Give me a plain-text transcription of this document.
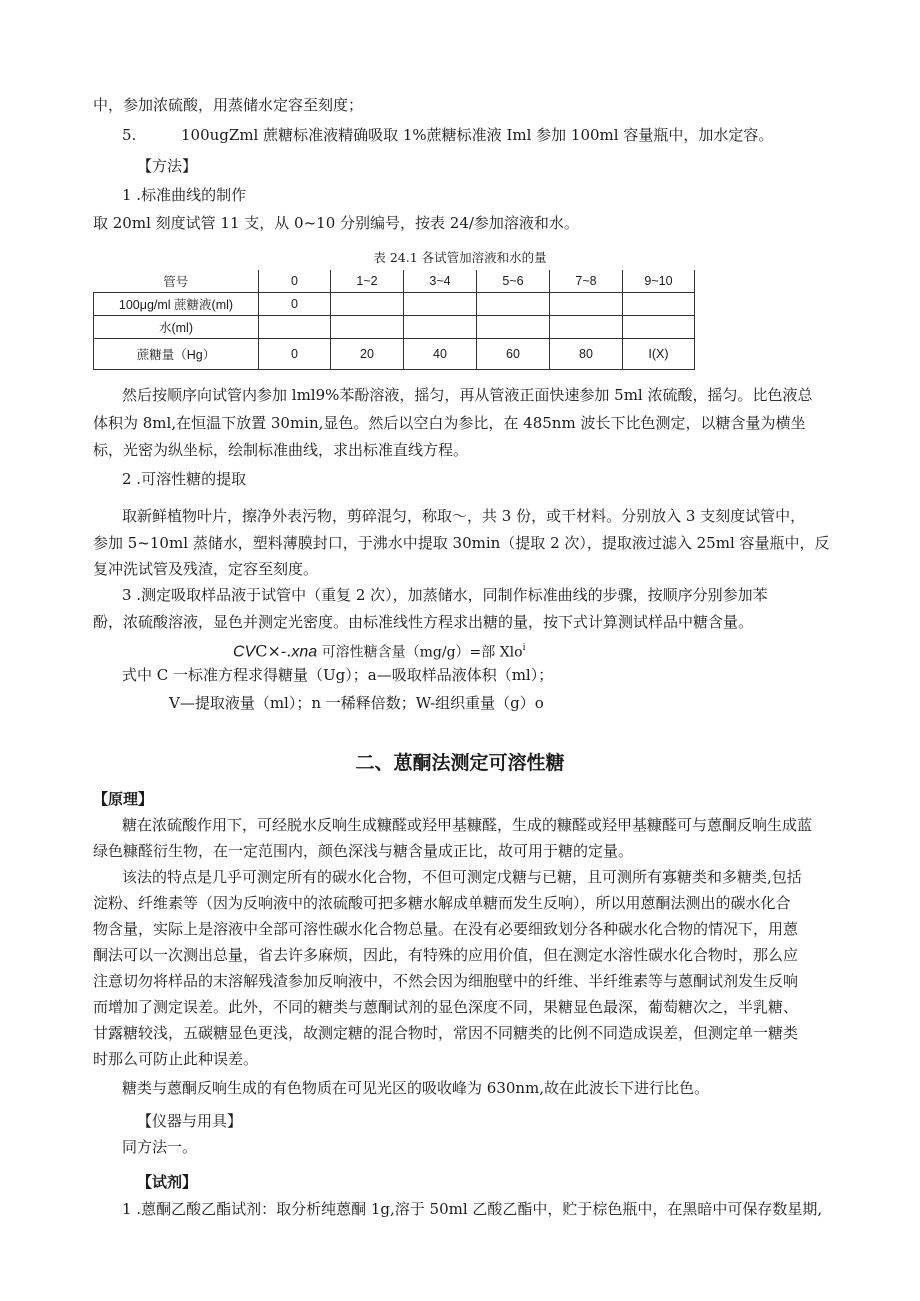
中，参加浓硫酸，用蒸储水定容至刻度；
5.	100ugZml 蔗糖标准液精确吸取 1%蔗糖标准液 Iml 参加 100ml 容量瓶中，加水定容。
【方法】
1 .标准曲线的制作
取 20ml 刻度试管 11 支，从 0~10 分别编号，按表 24/参加溶液和水。
表 24.1 各试管加溶液和水的量
管号	0	1~2	3~4	5~6	7~8	9~10
100μg/ml 蔗糖液(ml)	0					
水(ml)						
蔗糖量（Hg）	0	20	40	60	80	I(X)
然后按顺序向试管内参加 lml9%苯酚溶液，摇匀，再从管液正面快速参加 5ml 浓硫酸，摇匀。比色液总
体积为 8ml,在恒温下放置 30min,显色。然后以空白为参比，在 485nm 波长下比色测定，以糖含量为横坐
标，光密为纵坐标，绘制标准曲线，求出标准直线方程。
2 .可溶性糖的提取
取新鲜植物叶片，擦净外表污物，剪碎混匀，称取～，共 3 份，或干材料。分别放入 3 支刻度试管中，
参加 5~10ml 蒸储水，塑料薄膜封口，于沸水中提取 30min（提取 2 次），提取液过滤入 25ml 容量瓶中，反
复冲洗试管及残渣，定容至刻度。
3 .测定吸取样品液于试管中（重复 2 次），加蒸储水，同制作标准曲线的步骤，按顺序分别参加苯
酚，浓硫酸溶液，显色并测定光密度。由标准线性方程求出糖的量，按下式计算测试样品中糖含量。
CVC×-.xna 可溶性糖含量（mg/g）=部 Xlo$^i$
式中 C 一标准方程求得糖量（Ug）；a—吸取样品液体积（ml）；
V—提取液量（ml）；n 一稀释倍数；W-组织重量（g）o
二、葸酮法测定可溶性糖
【原理】
糖在浓硫酸作用下，可经脱水反响生成糠醛或羟甲基糠醛，生成的糠醛或羟甲基糠醛可与蒽酮反响生成蓝
绿色糠醛衍生物，在一定范围内，颜色深浅与糖含量成正比，故可用于糖的定量。
该法的特点是几乎可测定所有的碳水化合物，不但可测定戊糖与已糖，且可测所有寡糖类和多糖类,包括
淀粉、纤维素等（因为反响液中的浓硫酸可把多糖水解成单糖而发生反响），所以用蒽酮法测出的碳水化合
物含量，实际上是溶液中全部可溶性碳水化合物总量。在没有必要细致划分各种碳水化合物的情况下，用蒽
酮法可以一次测出总量，省去许多麻烦，因此，有特殊的应用价值，但在测定水溶性碳水化合物时，那么应
注意切勿将样品的末溶解残渣参加反响液中，不然会因为细胞壁中的纤维、半纤维素等与蒽酮试剂发生反响
而增加了测定误差。此外，不同的糖类与蒽酮试剂的显色深度不同，果糖显色最深，葡萄糖次之，半乳糖、
甘露糖较浅，五碳糖显色更浅，故测定糖的混合物时，常因不同糖类的比例不同造成误差，但测定单一糖类
时那么可防止此种误差。
糖类与蒽酮反响生成的有色物质在可见光区的吸收峰为 630nm,故在此波长下进行比色。
【仪器与用具】
同方法一。
【试剂】
1 .蒽酮乙酸乙酯试剂：取分析纯蒽酮 1g,溶于 50ml 乙酸乙酯中，贮于棕色瓶中，在黑暗中可保存数星期,
